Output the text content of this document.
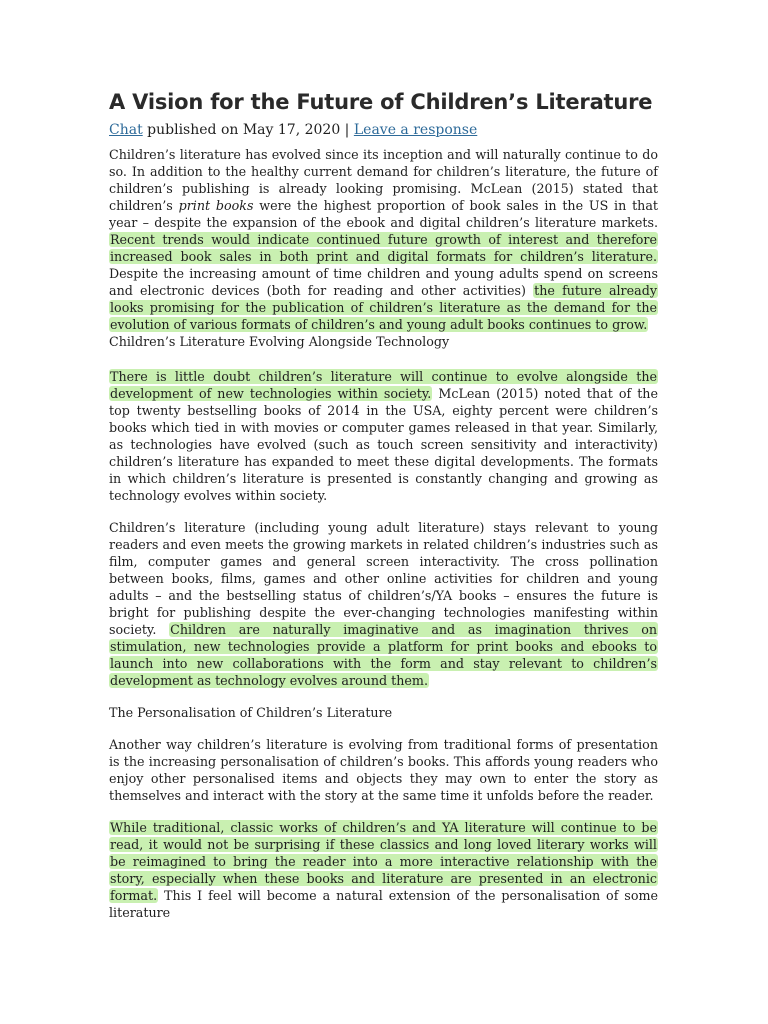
A Vision for the Future of Children’s Literature
Chat published on May 17, 2020 | Leave a response

Children’s literature has evolved since its inception and will naturally continue to do so. In addition to the healthy current demand for children’s literature, the future of children’s publishing is already looking promising. McLean (2015) stated that children’s print books were the highest proportion of book sales in the US in that year – despite the expansion of the ebook and digital children’s literature markets. Recent trends would indicate continued future growth of interest and therefore increased book sales in both print and digital formats for children’s literature. Despite the increasing amount of time children and young adults spend on screens and electronic devices (both for reading and other activities) the future already looks promising for the publication of children’s literature as the demand for the evolution of various formats of children’s and young adult books continues to grow.

Children’s Literature Evolving Alongside Technology

There is little doubt children’s literature will continue to evolve alongside the development of new technologies within society. McLean (2015) noted that of the top twenty bestselling books of 2014 in the USA, eighty percent were children’s books which tied in with movies or computer games released in that year. Similarly, as technologies have evolved (such as touch screen sensitivity and interactivity) children’s literature has expanded to meet these digital developments. The formats in which children’s literature is presented is constantly changing and growing as technology evolves within society.

Children’s literature (including young adult literature) stays relevant to young readers and even meets the growing markets in related children’s industries such as film, computer games and general screen interactivity. The cross pollination between books, films, games and other online activities for children and young adults – and the bestselling status of children’s/YA books – ensures the future is bright for publishing despite the ever-changing technologies manifesting within society. Children are naturally imaginative and as imagination thrives on stimulation, new technologies provide a platform for print books and ebooks to launch into new collaborations with the form and stay relevant to children’s development as technology evolves around them.

The Personalisation of Children’s Literature

Another way children’s literature is evolving from traditional forms of presentation is the increasing personalisation of children’s books. This affords young readers who enjoy other personalised items and objects they may own to enter the story as themselves and interact with the story at the same time it unfolds before the reader.

While traditional, classic works of children’s and YA literature will continue to be read, it would not be surprising if these classics and long loved literary works will be reimagined to bring the reader into a more interactive relationship with the story, especially when these books and literature are presented in an electronic format. This I feel will become a natural extension of the personalisation of some literature
